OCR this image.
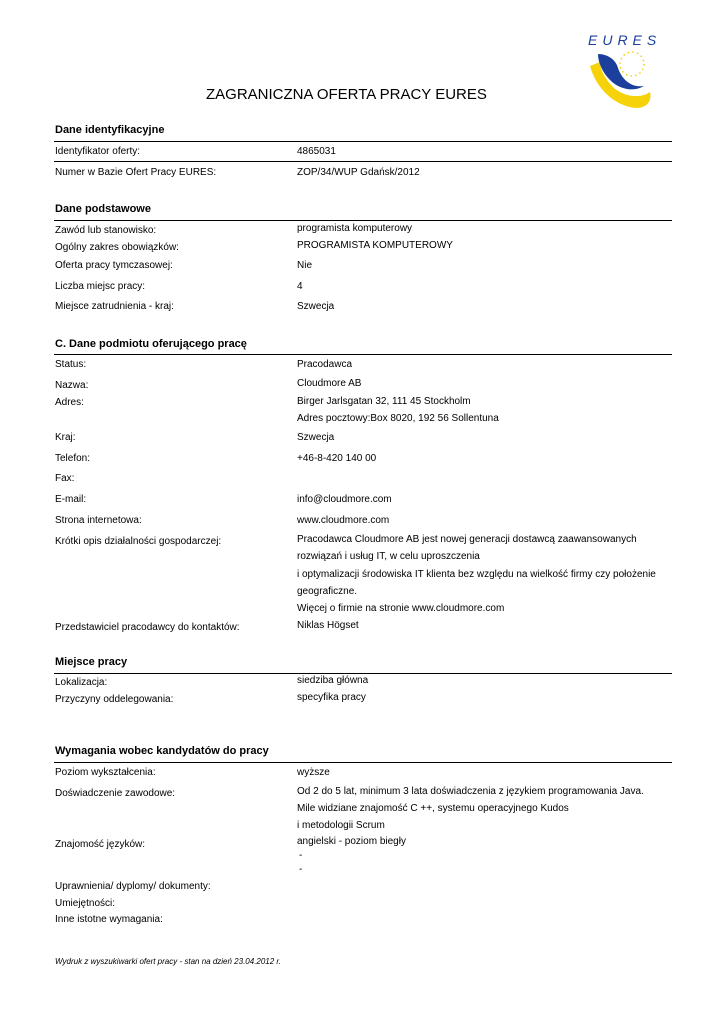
EURES
ZAGRANICZNA OFERTA PRACY EURES
Dane identyfikacyjne
Identyfikator oferty:	4865031
Numer w Bazie Ofert Pracy EURES:	ZOP/34/WUP Gdańsk/2012
Dane podstawowe
Zawód lub stanowisko:	programista komputerowy
Ogólny zakres obowiązków:	PROGRAMISTA KOMPUTEROWY
Oferta pracy tymczasowej:	Nie
Liczba miejsc pracy:	4
Miejsce zatrudnienia - kraj:	Szwecja
C. Dane podmiotu oferującego pracę
Status:	Pracodawca
Nazwa:	Cloudmore AB
Adres:	Birger Jarlsgatan 32, 111 45 Stockholm
Adres pocztowy:Box 8020, 192 56 Sollentuna
Kraj:	Szwecja
Telefon:	+46-8-420 140 00
Fax:
E-mail:	info@cloudmore.com
Strona internetowa:	www.cloudmore.com
Krótki opis działalności gospodarczej:	Pracodawca Cloudmore AB jest nowej generacji dostawcą zaawansowanych
rozwiązań i usług IT, w celu uproszczenia
i optymalizacji środowiska IT klienta bez względu na wielkość firmy czy położenie
geograficzne.
Więcej o firmie na stronie www.cloudmore.com
Przedstawiciel pracodawcy do kontaktów:	Niklas Högset
Miejsce pracy
Lokalizacja:	siedziba główna
Przyczyny oddelegowania:	specyfika pracy
Wymagania wobec kandydatów do pracy
Poziom wykształcenia:	wyższe
Doświadczenie zawodowe:	Od 2 do 5 lat, minimum 3 lata doświadczenia z językiem programowania Java.
Mile widziane znajomość C ++, systemu operacyjnego Kudos
i metodologii Scrum
Znajomość języków:	angielski - poziom biegły
-
-
Uprawnienia/ dyplomy/ dokumenty:
Umiejętności:
Inne istotne wymagania:
Wydruk z wyszukiwarki ofert pracy - stan na dzień 23.04.2012 r.
